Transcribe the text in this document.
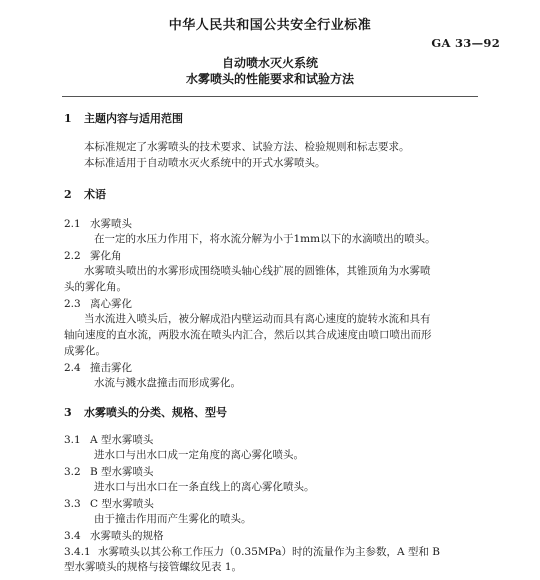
中华人民共和国公共安全行业标准
GA 33—92
自动喷水灭火系统
水雾喷头的性能要求和试验方法
1 主题内容与适用范围
本标准规定了水雾喷头的技术要求、试验方法、检验规则和标志要求。
本标准适用于自动喷水灭火系统中的开式水雾喷头。
2 术语
2.1 水雾喷头
在一定的水压力作用下，将水流分解为小于1mm以下的水滴喷出的喷头。
2.2 雾化角
水雾喷头喷出的水雾形成围绕喷头轴心线扩展的圆锥体，其锥顶角为水雾喷
头的雾化角。
2.3 离心雾化
当水流进入喷头后，被分解成沿内壁运动而具有离心速度的旋转水流和具有
轴向速度的直水流，两股水流在喷头内汇合，然后以其合成速度由喷口喷出而形
成雾化。
2.4 撞击雾化
水流与溅水盘撞击而形成雾化。
3 水雾喷头的分类、规格、型号
3.1 A 型水雾喷头
进水口与出水口成一定角度的离心雾化喷头。
3.2 B 型水雾喷头
进水口与出水口在一条直线上的离心雾化喷头。
3.3 C 型水雾喷头
由于撞击作用而产生雾化的喷头。
3.4 水雾喷头的规格
3.4.1 水雾喷头以其公称工作压力（0.35MPa）时的流量作为主参数，A 型和 B
型水雾喷头的规格与接管螺纹见表 1。
